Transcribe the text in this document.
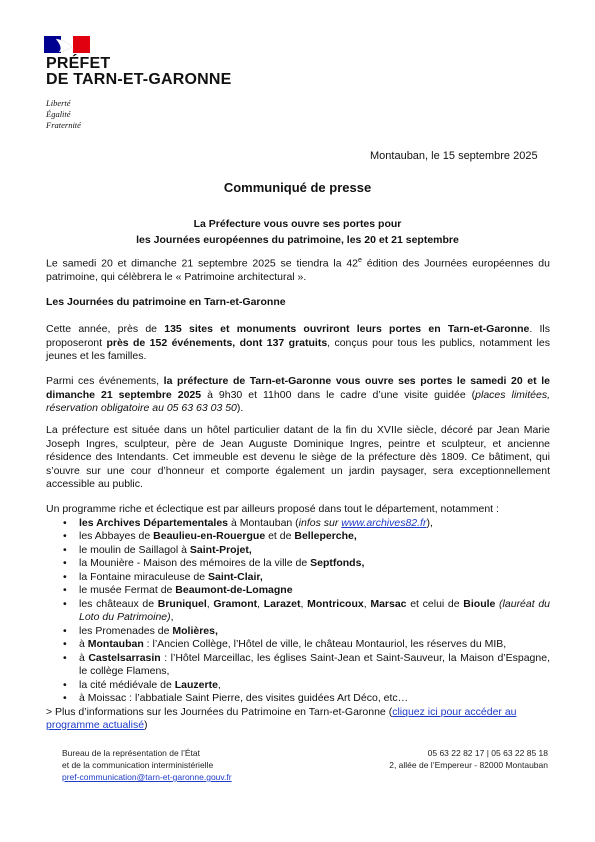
PRÉFET
DE TARN-ET-GARONNE
Liberté
Égalité
Fraternité
Montauban, le 15 septembre 2025
Communiqué de presse
La Préfecture vous ouvre ses portes pour
les Journées européennes du patrimoine, les 20 et 21 septembre
Le samedi 20 et dimanche 21 septembre 2025 se tiendra la 42e édition des Journées européennes du patrimoine, qui célèbrera le « Patrimoine architectural ».
Les Journées du patrimoine en Tarn-et-Garonne
Cette année, près de 135 sites et monuments ouvriront leurs portes en Tarn-et-Garonne. Ils proposeront près de 152 événements, dont 137 gratuits, conçus pour tous les publics, notamment les jeunes et les familles.
Parmi ces événements, la préfecture de Tarn-et-Garonne vous ouvre ses portes le samedi 20 et le dimanche 21 septembre 2025 à 9h30 et 11h00 dans le cadre d’une visite guidée (places limitées, réservation obligatoire au 05 63 63 03 50).
La préfecture est située dans un hôtel particulier datant de la fin du XVIIe siècle, décoré par Jean Marie Joseph Ingres, sculpteur, père de Jean Auguste Dominique Ingres, peintre et sculpteur, et ancienne résidence des Intendants. Cet immeuble est devenu le siège de la préfecture dès 1809. Ce bâtiment, qui s’ouvre sur une cour d’honneur et comporte également un jardin paysager, sera exceptionnellement accessible au public.
Un programme riche et éclectique est par ailleurs proposé dans tout le département, notamment :
• les Archives Départementales à Montauban (infos sur www.archives82.fr),
• les Abbayes de Beaulieu-en-Rouergue et de Belleperche,
• le moulin de Saillagol à Saint-Projet,
• la Mounière - Maison des mémoires de la ville de Septfonds,
• la Fontaine miraculeuse de Saint-Clair,
• le musée Fermat de Beaumont-de-Lomagne
• les châteaux de Bruniquel, Gramont, Larazet, Montricoux, Marsac et celui de Bioule (lauréat du Loto du Patrimoine),
• les Promenades de Molières,
• à Montauban : l’Ancien Collège, l’Hôtel de ville, le château Montauriol, les réserves du MIB,
• à Castelsarrasin : l’Hôtel Marceillac, les églises Saint-Jean et Saint-Sauveur, la Maison d’Espagne, le collège Flamens,
• la cité médiévale de Lauzerte,
• à Moissac : l’abbatiale Saint Pierre, des visites guidées Art Déco, etc…
> Plus d’informations sur les Journées du Patrimoine en Tarn-et-Garonne (cliquez ici pour accéder au programme actualisé)
Bureau de la représentation de l’État
et de la communication interministérielle
pref-communication@tarn-et-garonne.gouv.fr
05 63 22 82 17 | 05 63 22 85 18
2, allée de l’Empereur - 82000 Montauban
